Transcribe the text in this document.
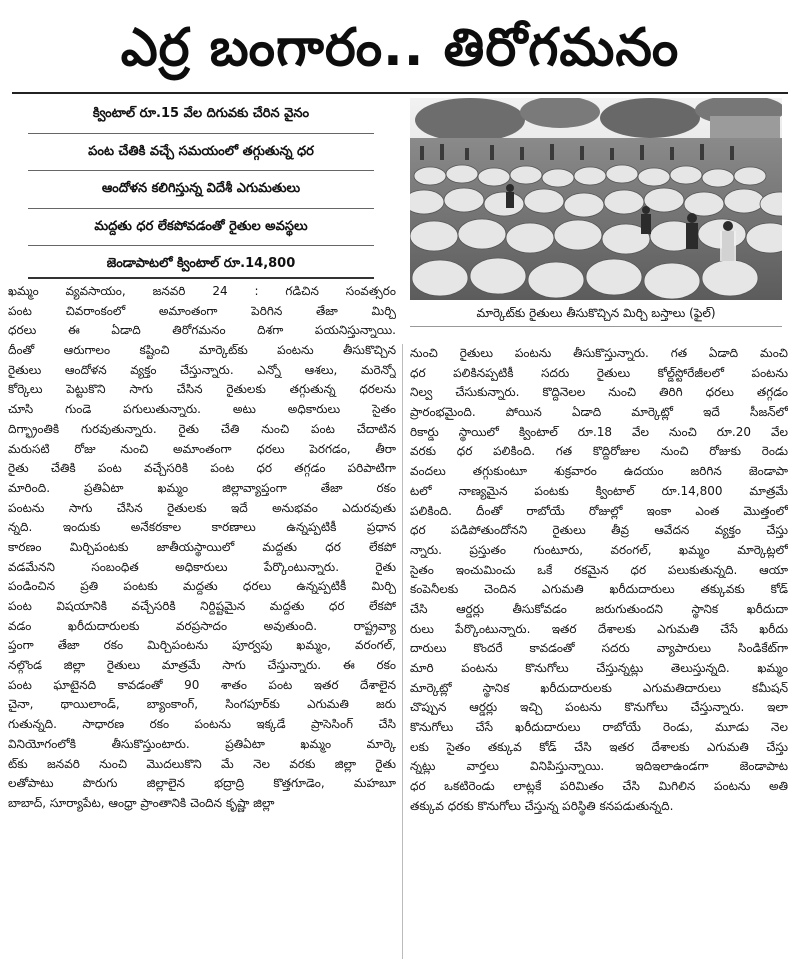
ఎర్ర బంగారం.. తిరోగమనం
క్వింటాల్‌ రూ.15 వేల దిగువకు చేరిన వైనం
పంట చేతికి వచ్చే సమయంలో తగ్గుతున్న ధర
ఆందోళన కలిగిస్తున్న విదేశీ ఎగుమతులు
మద్దతు ధర లేకపోవడంతో రైతుల అవస్థలు
జెండాపాటలో క్వింటాల్‌ రూ.14,800
మార్కెట్‌కు రైతులు తీసుకొచ్చిన మిర్చి బస్తాలు (ఫైల్‌)

ఖమ్మం వ్యవసాయం, జనవరి 24 : గడిచిన సంవత్సరం

పంట చివరాంకంలో అమాంతంగా పెరిగిన తేజా మిర్చి

ధరలు ఈ ఏడాది తిరోగమనం దిశగా పయనిస్తున్నాయి.

దీంతో ఆరుగాలం కష్టించి మార్కెట్‌కు పంటను తీసుకొచ్చిన

రైతులు ఆందోళన వ్యక్తం చేస్తున్నారు. ఎన్నో ఆశలు, మరెన్నో

కోర్కెలు పెట్టుకొని సాగు చేసిన రైతులకు తగ్గుతున్న ధరలను

చూసి గుండె పగులుతున్నారు. అటు అధికారులు సైతం

దిగ్భ్రాంతికి గురవుతున్నారు. రైతు చేతి నుంచి పంట చేదాటిన

మరుసటి రోజు నుంచి అమాంతంగా ధరలు పెరగడం, తీరా

రైతు చేతికి పంట వచ్చేసరికి పంట ధర తగ్గడం పరిపాటిగా

మారింది. ప్రతిఏటా ఖమ్మం జిల్లావ్యాప్తంగా తేజా రకం

పంటను సాగు చేసిన రైతులకు ఇదే అనుభవం ఎదురవుతు

న్నది. ఇందుకు అనేకరకాల కారణాలు ఉన్నప్పటికీ ప్రధాన

కారణం మిర్చిపంటకు జాతీయస్థాయిలో మద్దతు ధర లేకపో

వడమేనని సంబంధిత అధికారులు పేర్కొంటున్నారు. రైతు

పండించిన ప్రతి పంటకు మద్దతు ధరలు ఉన్నప్పటికీ మిర్చి

పంట విషయానికి వచ్చేసరికి నిర్దిష్టమైన మద్దతు ధర లేకపో

వడం ఖరీదుదారులకు వరప్రసాదం అవుతుంది. రాష్ట్రవ్యా

ప్తంగా తేజా రకం మిర్చిపంటను పూర్వపు ఖమ్మం, వరంగల్‌,

నల్గొండ జిల్లా రైతులు మాత్రమే సాగు చేస్తున్నారు. ఈ రకం

పంట ఘాటైనది కావడంతో 90 శాతం పంట ఇతర దేశాలైన

చైనా, థాయిలాండ్‌, బ్యాంకాంగ్‌, సింగపూర్‌కు ఎగుమతి జరు

గుతున్నది. సాధారణ రకం పంటను ఇక్కడే ప్రాసెసింగ్‌ చేసి

వినియోగంలోకి తీసుకొస్తుంటారు. ప్రతిఏటా ఖమ్మం మార్కె

ట్‌కు జనవరి నుంచి మొదలుకొని మే నెల వరకు జిల్లా రైతు

లతోపాటు పొరుగు జిల్లాలైన భద్రాద్రి కొత్తగూడెం, మహబూ

బాబాద్‌, సూర్యాపేట, ఆంధ్రా ప్రాంతానికి చెందిన కృష్ణా జిల్లా

నుంచి రైతులు పంటను తీసుకొస్తున్నారు. గత ఏడాది మంచి

ధర పలికినప్పటికీ సదరు రైతులు కోల్డ్‌స్టోరేజీలలో పంటను

నిల్వ చేసుకున్నారు. కొద్దినెలల నుంచి తిరిగి ధరలు తగ్గడం

ప్రారంభమైంది. పోయిన ఏడాది మార్కెట్లో ఇదే సీజన్‌లో

రికార్డు స్థాయిలో క్వింటాల్‌ రూ.18 వేల నుంచి రూ.20 వేల

వరకు ధర పలికింది. గత కొద్దిరోజుల నుంచి రోజుకు రెండు

వందలు తగ్గుకుంటూ శుక్రవారం ఉదయం జరిగిన జెండాపా

టలో నాణ్యమైన పంటకు క్వింటాల్‌ రూ.14,800 మాత్రమే

పలికింది. దీంతో రాబోయే రోజుల్లో ఇంకా ఎంత మొత్తంలో

ధర పడిపోతుందోనని రైతులు తీవ్ర ఆవేదన వ్యక్తం చేస్తు

న్నారు. ప్రస్తుతం గుంటూరు, వరంగల్‌, ఖమ్మం మార్కెట్లలో

సైతం ఇంచుమించు ఒకే రకమైన ధర పలుకుతున్నది. ఆయా

కంపెనీలకు చెందిన ఎగుమతి ఖరీదుదారులు తక్కువకు కోడ్‌

చేసి ఆర్డర్లు తీసుకోవడం జరుగుతుందని స్థానిక ఖరీదుదా

రులు పేర్కొంటున్నారు. ఇతర దేశాలకు ఎగుమతి చేసే ఖరీదు

దారులు కొందరే కావడంతో సదరు వ్యాపారులు సిండికేట్‌గా

మారి పంటను కొనుగోలు చేస్తున్నట్లు తెలుస్తున్నది. ఖమ్మం

మార్కెట్లో స్థానిక ఖరీదుదారులకు ఎగుమతిదారులు కమీషన్‌

చొప్పున ఆర్డర్లు ఇచ్చి పంటను కొనుగోలు చేస్తున్నారు. ఇలా

కొనుగోలు చేసే ఖరీదుదారులు రాబోయే రెండు, మూడు నెల

లకు సైతం తక్కువ కోడ్‌ చేసి ఇతర దేశాలకు ఎగుమతి చేస్తు

న్నట్లు వార్తలు వినిపిస్తున్నాయి. ఇదిఇలాఉండగా జెండాపాట

ధర ఒకటిరెండు లాట్లకే పరిమితం చేసి మిగిలిన పంటను అతి

తక్కువ ధరకు కొనుగోలు చేస్తున్న పరిస్థితి కనపడుతున్నది.
